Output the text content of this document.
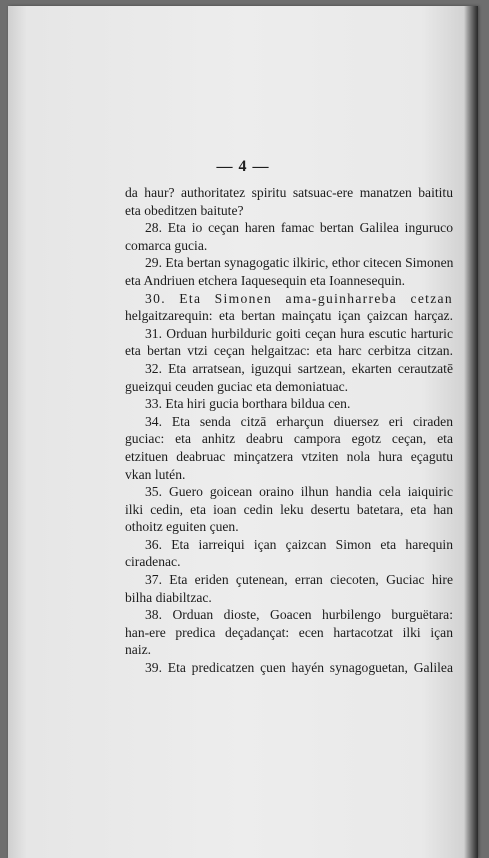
— 4 —
da haur? authoritatez spiritu satsuac-ere manatzen baititu
eta obeditzen baitute?
28. Eta io ceçan haren famac bertan Galilea inguruco
comarca gucia.
29. Eta bertan synagogatic ilkiric, ethor citecen Simonen
eta Andriuen etchera Iaquesequin eta Ioannesequin.
30. Eta Simonen ama-guinharreba cetzan
helgaitzarequin: eta bertan mainçatu içan çaizcan harçaz.
31. Orduan hurbilduric goiti ceçan hura escutic harturic
eta bertan vtzi ceçan helgaitzac: eta harc cerbitza citzan.
32. Eta arratsean, iguzqui sartzean, ekarten cerautzatē
gueizqui ceuden guciac eta demoniatuac.
33. Eta hiri gucia borthara bildua cen.
34. Eta senda citzā erharçun diuersez eri ciraden
guciac: eta anhitz deabru campora egotz ceçan, eta
etzituen deabruac minçatzera vtziten nola hura eçagutu
vkan lutén.
35. Guero goicean oraino ilhun handia cela iaiquiric
ilki cedin, eta ioan cedin leku desertu batetara, eta han
othoitz eguiten çuen.
36. Eta iarreiqui içan çaizcan Simon eta harequin
ciradenac.
37. Eta eriden çutenean, erran ciecoten, Guciac hire
bilha diabiltzac.
38. Orduan dioste, Goacen hurbilengo burguëtara:
han-ere predica deçadançat: ecen hartacotzat ilki içan
naiz.
39. Eta predicatzen çuen hayén synagoguetan, Galilea
